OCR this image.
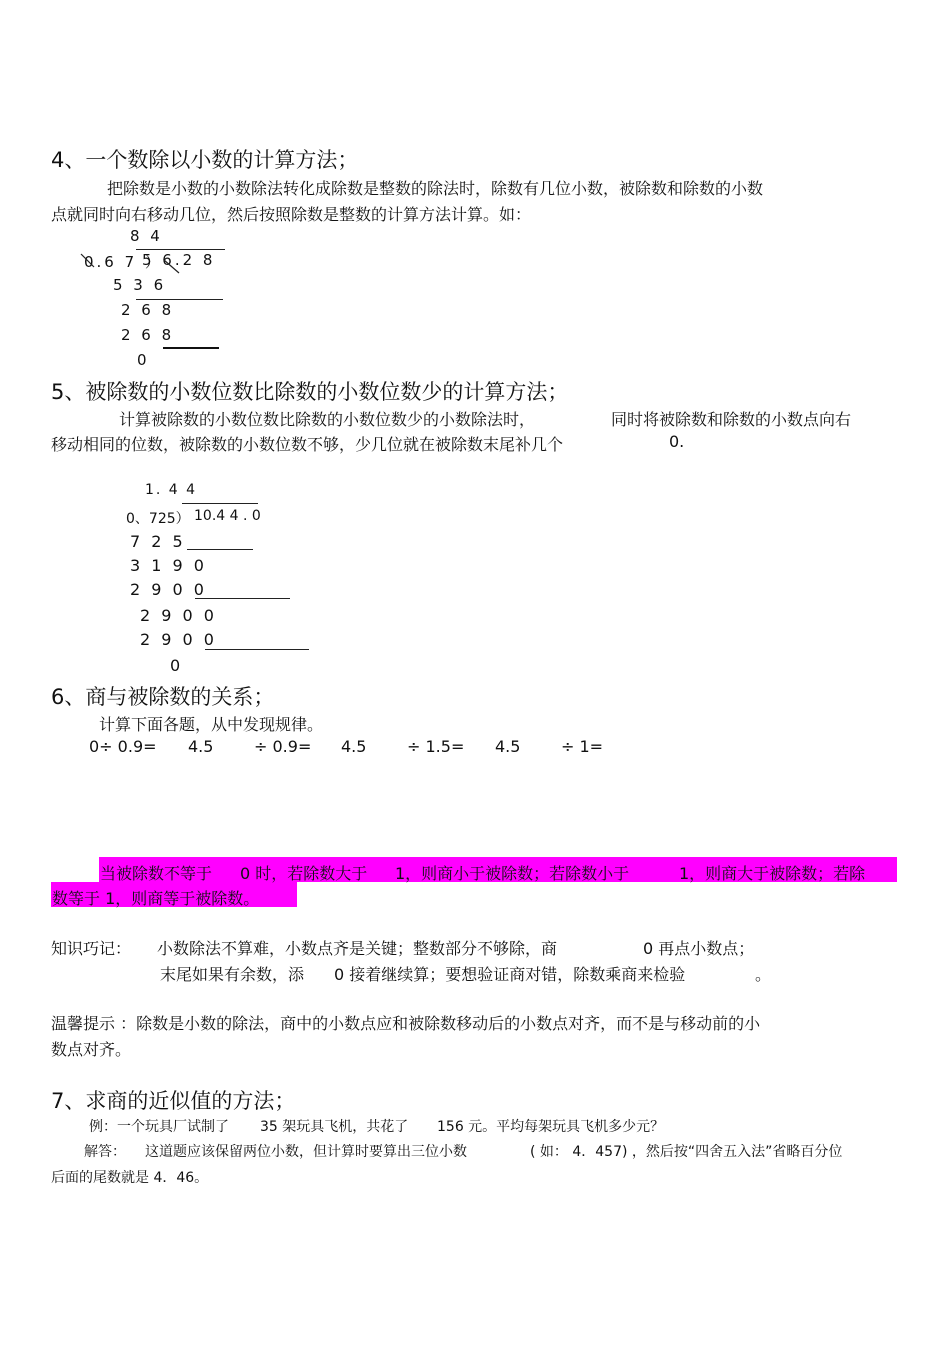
4、一个数除以小数的计算方法；
把除数是小数的小数除法转化成除数是整数的除法时，除数有几位小数，被除数和除数的小数
点就同时向右移动几位，然后按照除数是整数的计算方法计算。如：
8 4
0.6 7 ）
5 6.2 8
5 3 6
2 6 8
2 6 8
0
5、被除数的小数位数比除数的小数位数少的计算方法；
计算被除数的小数位数比除数的小数位数少的小数除法时，	同时将被除数和除数的小数点向右
移动相同的位数，被除数的小数位数不够，少几位就在被除数末尾补几个	0.
1. 4 4
0、725） 10.4 4 . 0
7 2 5
3 1 9 0
2 9 0 0
2 9 0 0
2 9 0 0
0
6、商与被除数的关系；
计算下面各题，从中发现规律。
0÷ 0.9= 4.5	÷ 0.9= 4.5	÷ 1.5= 4.5	÷ 1=
当被除数不等于 0 时，若除数大于 1，则商小于被除数；若除数小于	1，则商大于被除数；若除
数等于 1，则商等于被除数。
知识巧记： 小数除法不算难，小数点齐是关键；整数部分不够除，商	0 再点小数点；
末尾如果有余数，添 0 接着继续算；要想验证商对错，除数乘商来检验	。
温馨提示 ：除数是小数的除法，商中的小数点应和被除数移动后的小数点对齐，而不是与移动前的小
数点对齐。
7、求商的近似值的方法；
例：一个玩具厂试制了 35 架玩具飞机，共花了 156 元。平均每架玩具飞机多少元？
解答： 这道题应该保留两位小数，但计算时要算出三位小数	( 如： 4．457) ，然后按“四舍五入法”省略百分位
后面的尾数就是 4．46。
